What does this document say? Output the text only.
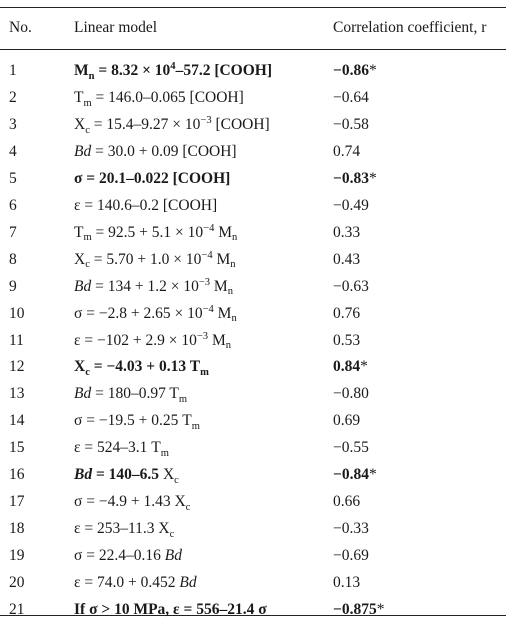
No.	Linear model	Correlation coefficient, r
1	$M_n = 8.32 \times 10^4-57.2$ [COOH]	−0.86*
2	$T_m = 146.0-0.065$ [COOH]	−0.64
3	$X_c = 15.4-9.27 \times 10^{-3}$ [COOH]	−0.58
4	Bd = 30.0 + 0.09 [COOH]	0.74
5	σ = 20.1–0.022 [COOH]	−0.83*
6	ε = 140.6–0.2 [COOH]	−0.49
7	$T_m = 92.5 + 5.1 \times 10^{-4}$ $M_n$	0.33
8	$X_c = 5.70 + 1.0 \times 10^{-4}$ $M_n$	0.43
9	$Bd = 134 + 1.2 \times 10^{-3}$ $M_n$	−0.63
10	$\sigma = -2.8 + 2.65 \times 10^{-4}$ $M_n$	0.76
11	$\varepsilon = -102 + 2.9 \times 10^{-3}$ $M_n$	0.53
12	$X_c = -4.03 + 0.13$ $T_m$	0.84*
13	Bd = 180–0.97 $T_m$	−0.80
14	σ = −19.5 + 0.25 $T_m$	0.69
15	ε = 524–3.1 $T_m$	−0.55
16	Bd = 140–6.5 $X_c$	−0.84*
17	σ = −4.9 + 1.43 $X_c$	0.66
18	ε = 253–11.3 $X_c$	−0.33
19	σ = 22.4–0.16 Bd	−0.69
20	ε = 74.0 + 0.452 Bd	0.13
21	If σ > 10 MPa, ε = 556–21.4 σ	−0.875*
